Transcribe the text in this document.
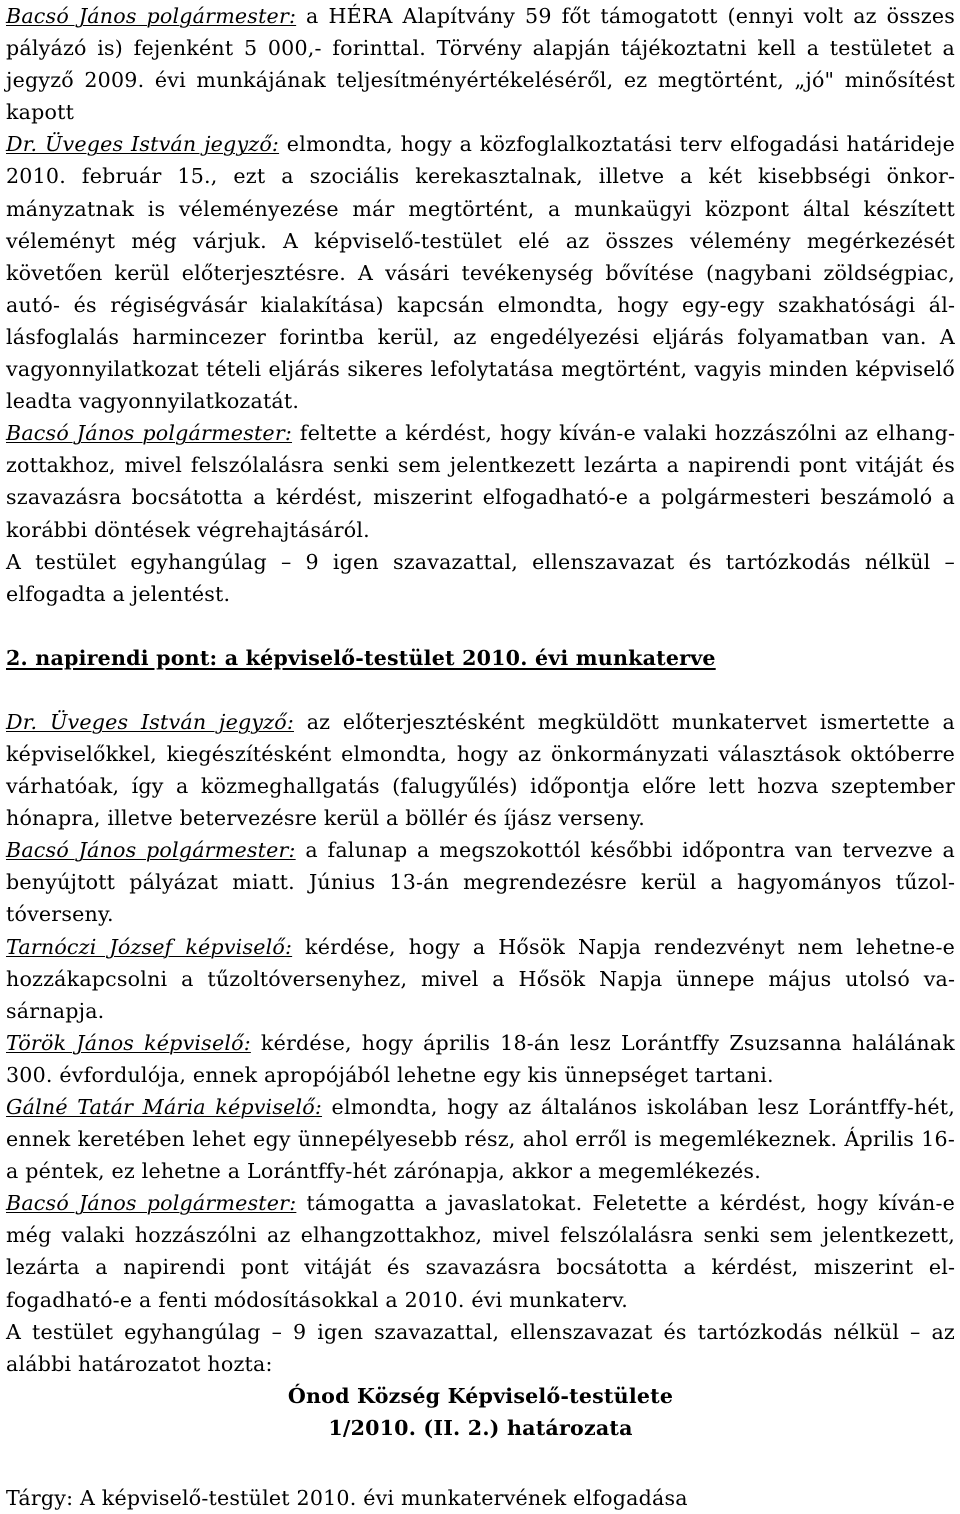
Bacsó János polgármester: a HÉRA Alapítvány 59 főt támogatott (ennyi volt az összes pályázó is) fejenként 5 000,- forinttal. Törvény alapján tájékoztatni kell a testületet a jegyző 2009. évi munkájának teljesítményértékeléséről, ez megtörtént, „jó" minősítést kapott

Dr. Üveges István jegyző: elmondta, hogy a közfoglalkoztatási terv elfogadási határideje 2010. február 15., ezt a szociális kerekasztalnak, illetve a két kisebbségi önkormányzatnak is véleményezése már megtörtént, a munkaügyi központ által készített véleményt még várjuk. A képviselő-testület elé az összes vélemény megérkezését követően kerül előterjesztésre. A vásári tevékenység bővítése (nagybani zöldségpiac, autó- és régiségvásár kialakítása) kapcsán elmondta, hogy egy-egy szakhatósági állásfoglalás harmincezer forintba kerül, az engedélyezési eljárás folyamatban van. A vagyonnyilatkozat tételi eljárás sikeres lefolytatása megtörtént, vagyis minden képviselő leadta vagyonnyilatkozatát.

Bacsó János polgármester: feltette a kérdést, hogy kíván-e valaki hozzászólni az elhangzottakhoz, mivel felszólalásra senki sem jelentkezett lezárta a napirendi pont vitáját és szavazásra bocsátotta a kérdést, miszerint elfogadható-e a polgármesteri beszámoló a korábbi döntések végrehajtásáról.

A testület egyhangúlag – 9 igen szavazattal, ellenszavazat és tartózkodás nélkül – elfogadta a jelentést.

2. napirendi pont: a képviselő-testület 2010. évi munkaterve

Dr. Üveges István jegyző: az előterjesztésként megküldött munkatervet ismertette a képviselőkkel, kiegészítésként elmondta, hogy az önkormányzati választások októberre várhatóak, így a közmeghallgatás (falugyűlés) időpontja előre lett hozva szeptember hónapra, illetve betervezésre kerül a böllér és íjász verseny.

Bacsó János polgármester: a falunap a megszokottól későbbi időpontra van tervezve a benyújtott pályázat miatt. Június 13-án megrendezésre kerül a hagyományos tűzoltóverseny.

Tarnóczi József képviselő: kérdése, hogy a Hősök Napja rendezvényt nem lehetne-e hozzákapcsolni a tűzoltóversenyhez, mivel a Hősök Napja ünnepe május utolsó vasárnapja.

Török János képviselő: kérdése, hogy április 18-án lesz Lorántffy Zsuzsanna halálának 300. évfordulója, ennek apropójából lehetne egy kis ünnepséget tartani.

Gálné Tatár Mária képviselő: elmondta, hogy az általános iskolában lesz Lorántffy-hét, ennek keretében lehet egy ünnepélyesebb rész, ahol erről is megemlékeznek. Április 16-a péntek, ez lehetne a Lorántffy-hét zárónapja, akkor a megemlékezés.

Bacsó János polgármester: támogatta a javaslatokat. Feletette a kérdést, hogy kíván-e még valaki hozzászólni az elhangzottakhoz, mivel felszólalásra senki sem jelentkezett, lezárta a napirendi pont vitáját és szavazásra bocsátotta a kérdést, miszerint elfogadható-e a fenti módosításokkal a 2010. évi munkaterv.

A testület egyhangúlag – 9 igen szavazattal, ellenszavazat és tartózkodás nélkül – az alábbi határozatot hozta:

Ónod Község Képviselő-testülete

1/2010. (II. 2.) határozata

Tárgy: A képviselő-testület 2010. évi munkatervének elfogadása
